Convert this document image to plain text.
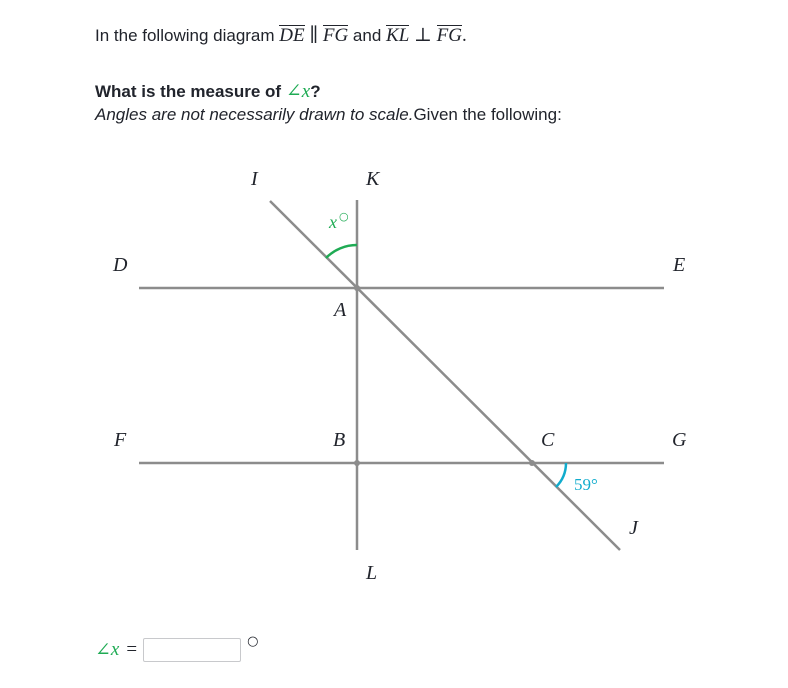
In the following diagram DE ∥ FG and KL ⊥ FG.
What is the measure of ∠x?
Angles are not necessarily drawn to scale.Given the following:
x ○
59°
I	K
D	E
A
F	B	C	G
J
L
∠ x =	○
